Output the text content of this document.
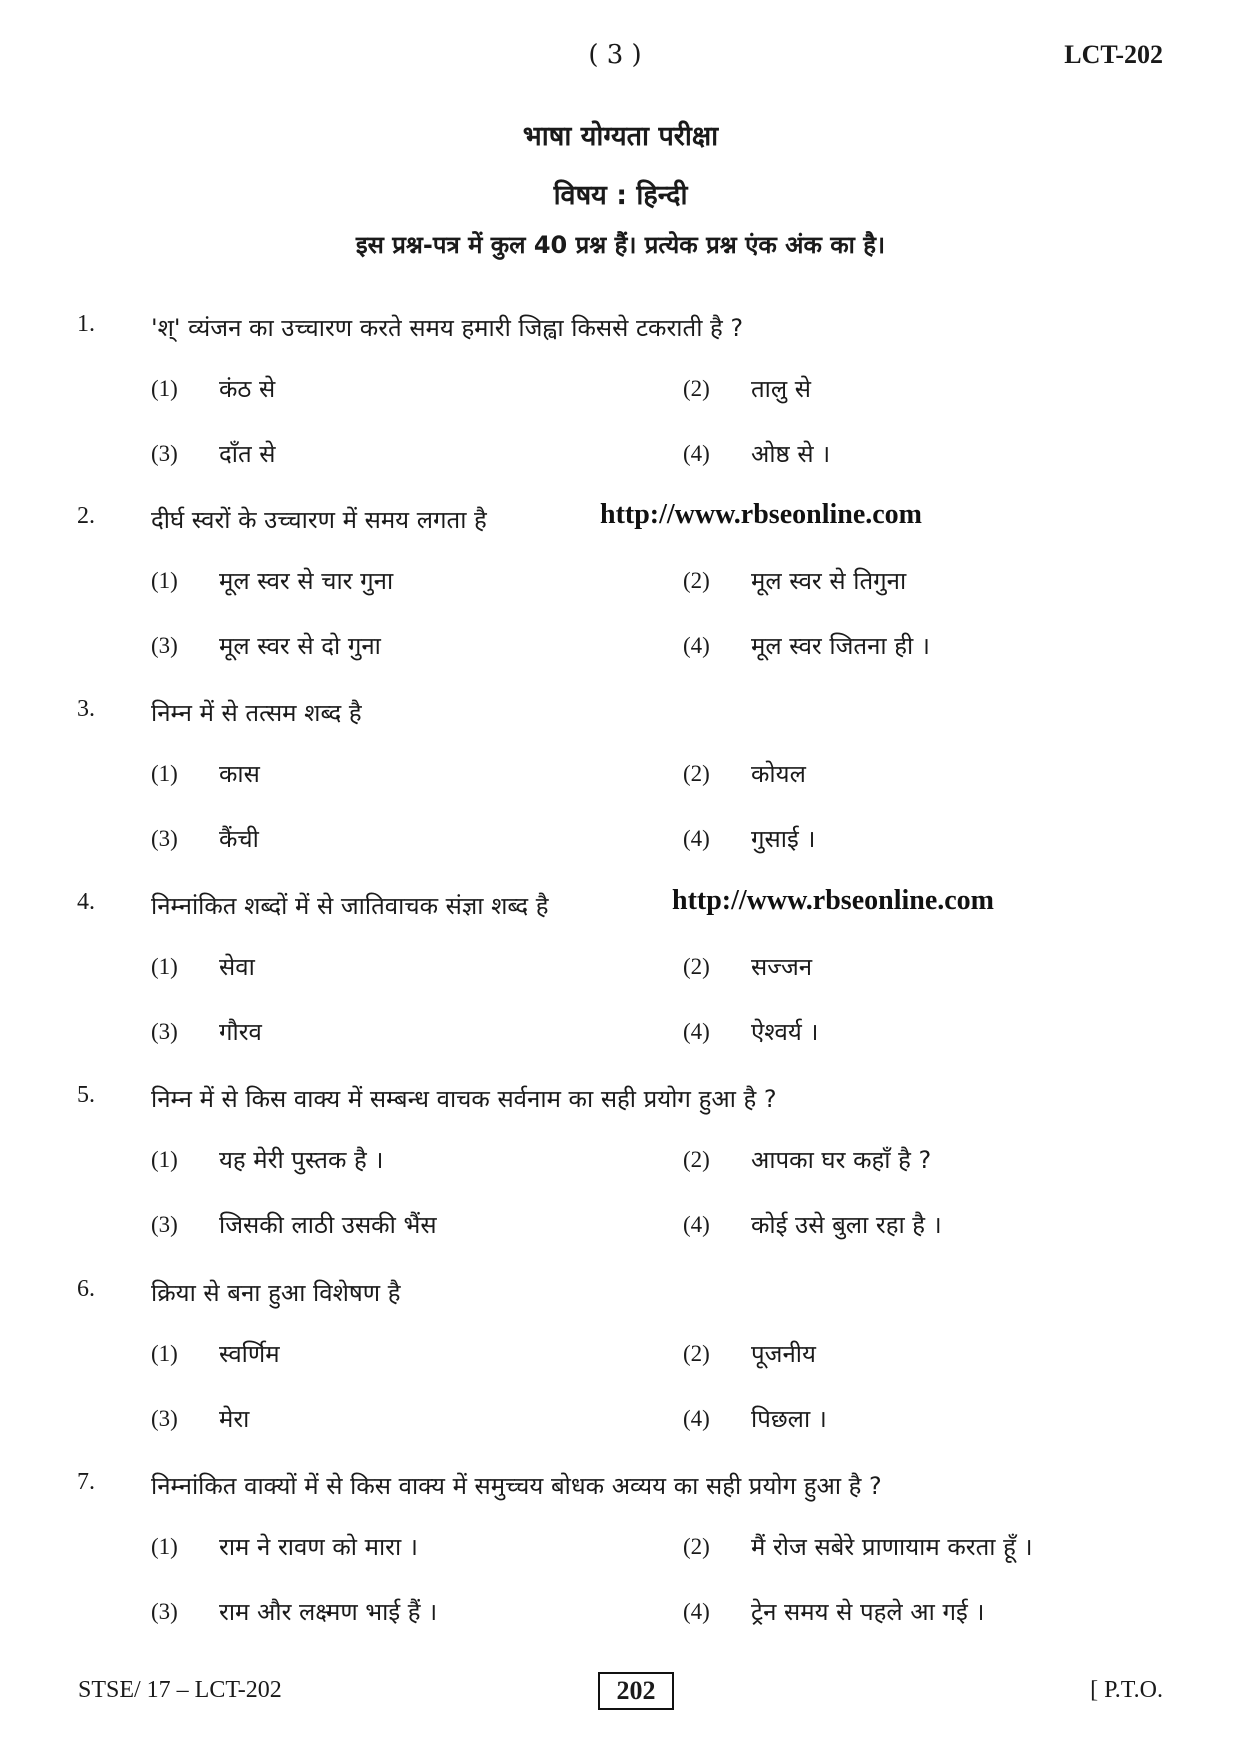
( 3 )	LCT-202
भाषा योग्यता परीक्षा
विषय : हिन्दी
इस प्रश्न-पत्र में कुल 40 प्रश्न हैं। प्रत्येक प्रश्न एंक अंक का है।
1. 'श्' व्यंजन का उच्चारण करते समय हमारी जिह्वा किससे टकराती है ?
(1) कंठ से	(2) तालु से
(3) दाँत से	(4) ओष्ठ से ।
2. दीर्घ स्वरों के उच्चारण में समय लगता है	http://www.rbseonline.com
(1) मूल स्वर से चार गुना	(2) मूल स्वर से तिगुना
(3) मूल स्वर से दो गुना	(4) मूल स्वर जितना ही ।
3. निम्न में से तत्सम शब्द है
(1) कास	(2) कोयल
(3) कैंची	(4) गुसाई ।
4. निम्नांकित शब्दों में से जातिवाचक संज्ञा शब्द है	http://www.rbseonline.com
(1) सेवा	(2) सज्जन
(3) गौरव	(4) ऐश्वर्य ।
5. निम्न में से किस वाक्य में सम्बन्ध वाचक सर्वनाम का सही प्रयोग हुआ है ?
(1) यह मेरी पुस्तक है ।	(2) आपका घर कहाँ है ?
(3) जिसकी लाठी उसकी भैंस	(4) कोई उसे बुला रहा है ।
6. क्रिया से बना हुआ विशेषण है
(1) स्वर्णिम	(2) पूजनीय
(3) मेरा	(4) पिछला ।
7. निम्नांकित वाक्यों में से किस वाक्य में समुच्चय बोधक अव्यय का सही प्रयोग हुआ है ?
(1) राम ने रावण को मारा ।	(2) मैं रोज सबेरे प्राणायाम करता हूँ ।
(3) राम और लक्ष्मण भाई हैं ।	(4) ट्रेन समय से पहले आ गई ।
STSE/ 17 – LCT-202	202	[ P.T.O.
